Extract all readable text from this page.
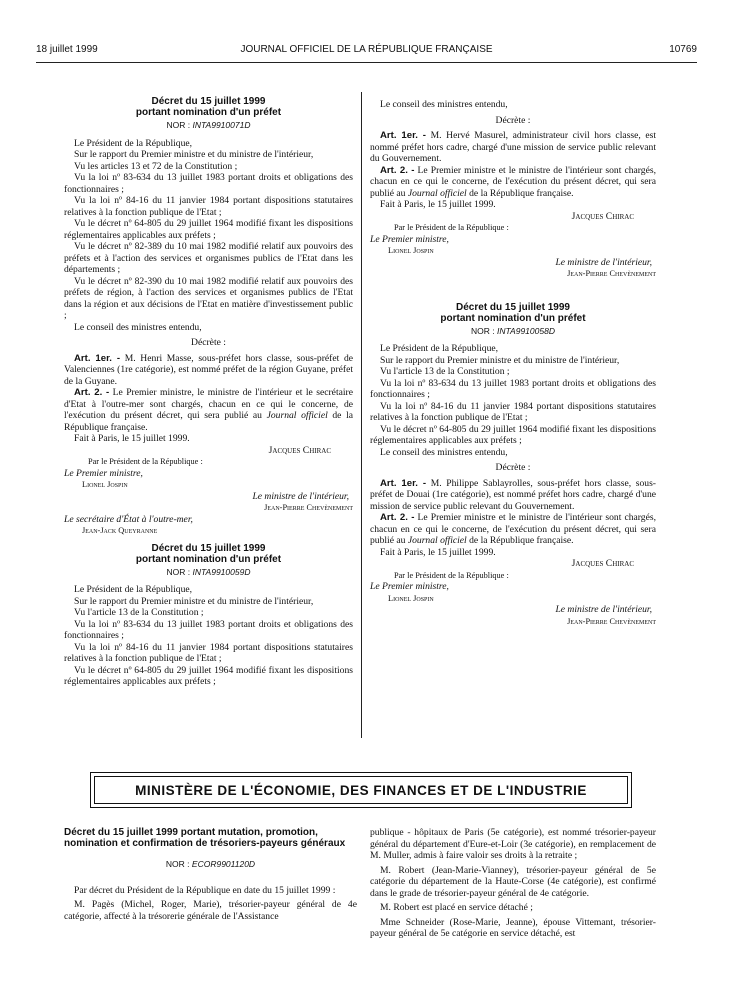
18 juillet 1999	JOURNAL OFFICIEL DE LA RÉPUBLIQUE FRANÇAISE	10769

Décret du 15 juillet 1999

portant nomination d'un préfet

NOR : INTA9910071D

Le Président de la République,

Sur le rapport du Premier ministre et du ministre de l'intérieur,

Vu les articles 13 et 72 de la Constitution ;

Vu la loi nº 83-634 du 13 juillet 1983 portant droits et obligations des fonctionnaires ;

Vu la loi nº 84-16 du 11 janvier 1984 portant dispositions statutaires relatives à la fonction publique de l'Etat ;

Vu le décret nº 64-805 du 29 juillet 1964 modifié fixant les dispositions réglementaires applicables aux préfets ;

Vu le décret nº 82-389 du 10 mai 1982 modifié relatif aux pouvoirs des préfets et à l'action des services et organismes publics de l'Etat dans les départements ;

Vu le décret nº 82-390 du 10 mai 1982 modifié relatif aux pouvoirs des préfets de région, à l'action des services et organismes publics de l'Etat dans la région et aux décisions de l'Etat en matière d'investissement public ;

Le conseil des ministres entendu,

Décrète :

Art. 1er. - M. Henri Masse, sous-préfet hors classe, sous-préfet de Valenciennes (1re catégorie), est nommé préfet de la région Guyane, préfet de la Guyane.

Art. 2. - Le Premier ministre, le ministre de l'intérieur et le secrétaire d'Etat à l'outre-mer sont chargés, chacun en ce qui le concerne, de l'exécution du présent décret, qui sera publié au Journal officiel de la République française.

Fait à Paris, le 15 juillet 1999.

Jacques Chirac

Par le Président de la République :

Le Premier ministre,

Lionel Jospin

Le ministre de l'intérieur,

Jean-Pierre Chevènement

Le secrétaire d'État à l'outre-mer,

Jean-Jack Queyranne

Décret du 15 juillet 1999

portant nomination d'un préfet

NOR : INTA9910059D

Le Président de la République,

Sur le rapport du Premier ministre et du ministre de l'intérieur,

Vu l'article 13 de la Constitution ;

Vu la loi nº 83-634 du 13 juillet 1983 portant droits et obligations des fonctionnaires ;

Vu la loi nº 84-16 du 11 janvier 1984 portant dispositions statutaires relatives à la fonction publique de l'Etat ;

Vu le décret nº 64-805 du 29 juillet 1964 modifié fixant les dispositions réglementaires applicables aux préfets ;

Le conseil des ministres entendu,

Décrète :

Art. 1er. - M. Hervé Masurel, administrateur civil hors classe, est nommé préfet hors cadre, chargé d'une mission de service public relevant du Gouvernement.

Art. 2. - Le Premier ministre et le ministre de l'intérieur sont chargés, chacun en ce qui le concerne, de l'exécution du présent décret, qui sera publié au Journal officiel de la République française.

Fait à Paris, le 15 juillet 1999.

Jacques Chirac

Par le Président de la République :

Le Premier ministre,

Lionel Jospin

Le ministre de l'intérieur,

Jean-Pierre Chevènement

Décret du 15 juillet 1999

portant nomination d'un préfet

NOR : INTA9910058D

Le Président de la République,

Sur le rapport du Premier ministre et du ministre de l'intérieur,

Vu l'article 13 de la Constitution ;

Vu la loi nº 83-634 du 13 juillet 1983 portant droits et obligations des fonctionnaires ;

Vu la loi nº 84-16 du 11 janvier 1984 portant dispositions statutaires relatives à la fonction publique de l'Etat ;

Vu le décret nº 64-805 du 29 juillet 1964 modifié fixant les dispositions réglementaires applicables aux préfets ;

Le conseil des ministres entendu,

Décrète :

Art. 1er. - M. Philippe Sablayrolles, sous-préfet hors classe, sous-préfet de Douai (1re catégorie), est nommé préfet hors cadre, chargé d'une mission de service public relevant du Gouvernement.

Art. 2. - Le Premier ministre et le ministre de l'intérieur sont chargés, chacun en ce qui le concerne, de l'exécution du présent décret, qui sera publié au Journal officiel de la République française.

Fait à Paris, le 15 juillet 1999.

Jacques Chirac

Par le Président de la République :

Le Premier ministre,

Lionel Jospin

Le ministre de l'intérieur,

Jean-Pierre Chevènement

MINISTÈRE DE L'ÉCONOMIE, DES FINANCES ET DE L'INDUSTRIE

Décret du 15 juillet 1999 portant mutation, promotion, nomination et confirmation de trésoriers-payeurs généraux

NOR : ECOR9901120D

Par décret du Président de la République en date du 15 juillet 1999 :

M. Pagès (Michel, Roger, Marie), trésorier-payeur général de 4e catégorie, affecté à la trésorerie générale de l'Assistance

publique - hôpitaux de Paris (5e catégorie), est nommé trésorier-payeur général du département d'Eure-et-Loir (3e catégorie), en remplacement de M. Muller, admis à faire valoir ses droits à la retraite ;

M. Robert (Jean-Marie-Vianney), trésorier-payeur général de 5e catégorie du département de la Haute-Corse (4e catégorie), est confirmé dans le grade de trésorier-payeur général de 4e catégorie.

M. Robert est placé en service détaché ;

Mme Schneider (Rose-Marie, Jeanne), épouse Vittemant, trésorier-payeur général de 5e catégorie en service détaché, est
